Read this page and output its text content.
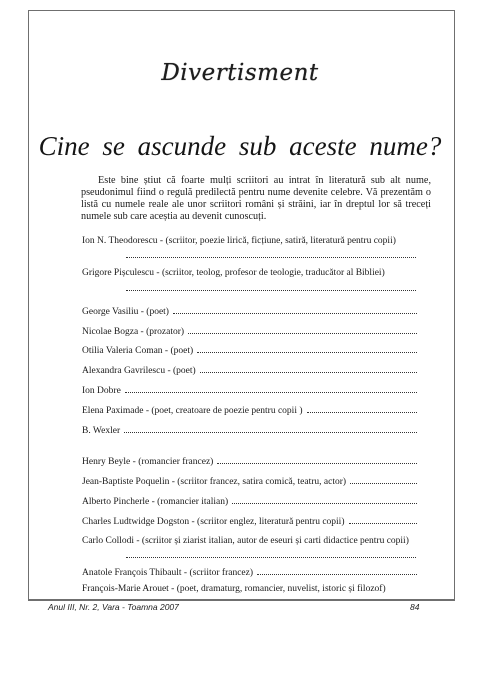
Divertisment
Cine se ascunde sub aceste nume?

Este bine știut că foarte mulți scriitori au intrat în literatură sub alt nume, pseudonimul fiind o regulă predilectă pentru nume devenite celebre. Vă prezentăm o listă cu numele reale ale unor scriitori români și străini, iar în dreptul lor să treceți numele sub care aceștia au devenit cunoscuți.

Ion N. Theodorescu - (scriitor, poezie lirică, ficțiune, satiră, literatură pentru copii)
Grigore Pișculescu - (scriitor, teolog, profesor de teologie, traducător al Bibliei)
George Vasiliu - (poet)
Nicolae Bogza - (prozator)
Otilia Valeria Coman - (poet)
Alexandra Gavrilescu - (poet)
Ion Dobre
Elena Paximade - (poet, creatoare de poezie pentru copii )
B. Wexler
Henry Beyle - (romancier francez)
Jean-Baptiste Poquelin - (scriitor francez, satira comică, teatru, actor)
Alberto Pincherle - (romancier italian)
Charles Ludtwidge Dogston - (scriitor englez, literatură pentru copii)
Carlo Collodi - (scriitor și ziarist italian, autor de eseuri și carti didactice pentru copii)
Anatole François Thibault - (scriitor francez)
François-Marie Arouet - (poet, dramaturg, romancier, nuvelist, istoric și filozof)
Anul III, Nr. 2, Vara - Toamna 2007	84
